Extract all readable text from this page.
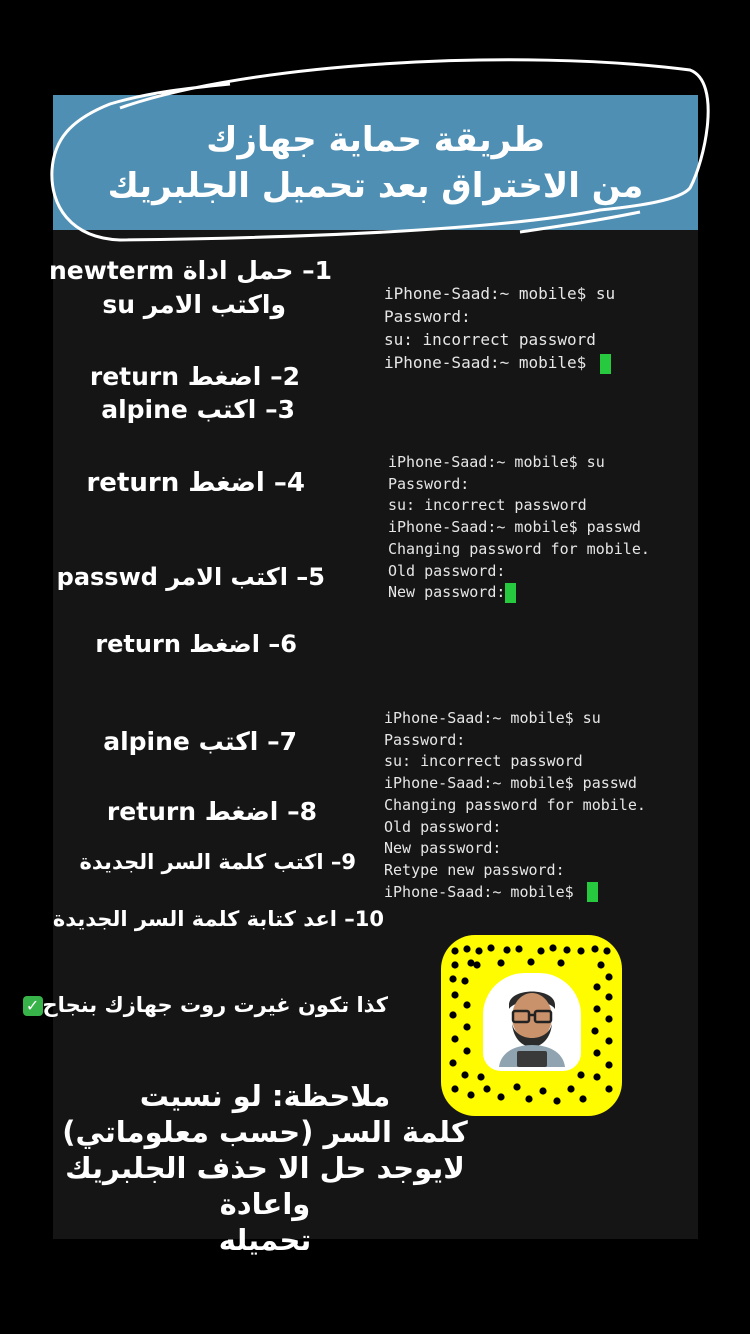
طريقة حماية جهازك
من الاختراق بعد تحميل الجلبريك
1– حمل اداة newterm
واكتب الامر su
2– اضغط return
3– اكتب alpine
4– اضغط return
5– اكتب الامر passwd
6– اضغط return
7– اكتب alpine
8– اضغط return
9– اكتب كلمة السر الجديدة
10– اعد كتابة كلمة السر الجديدة
iPhone-Saad:~ mobile$ su
Password:
su: incorrect password
iPhone-Saad:~ mobile$
iPhone-Saad:~ mobile$ su
Password:
su: incorrect password
iPhone-Saad:~ mobile$ passwd
Changing password for mobile.
Old password:
New password:
iPhone-Saad:~ mobile$ su
Password:
su: incorrect password
iPhone-Saad:~ mobile$ passwd
Changing password for mobile.
Old password:
New password:
Retype new password:
iPhone-Saad:~ mobile$
كذا تكون غيرت روت جهازك بنجاح✓
ملاحظة: لو نسيت
كلمة السر (حسب معلوماتي)
لايوجد حل الا حذف الجلبريك واعادة
تحميله
